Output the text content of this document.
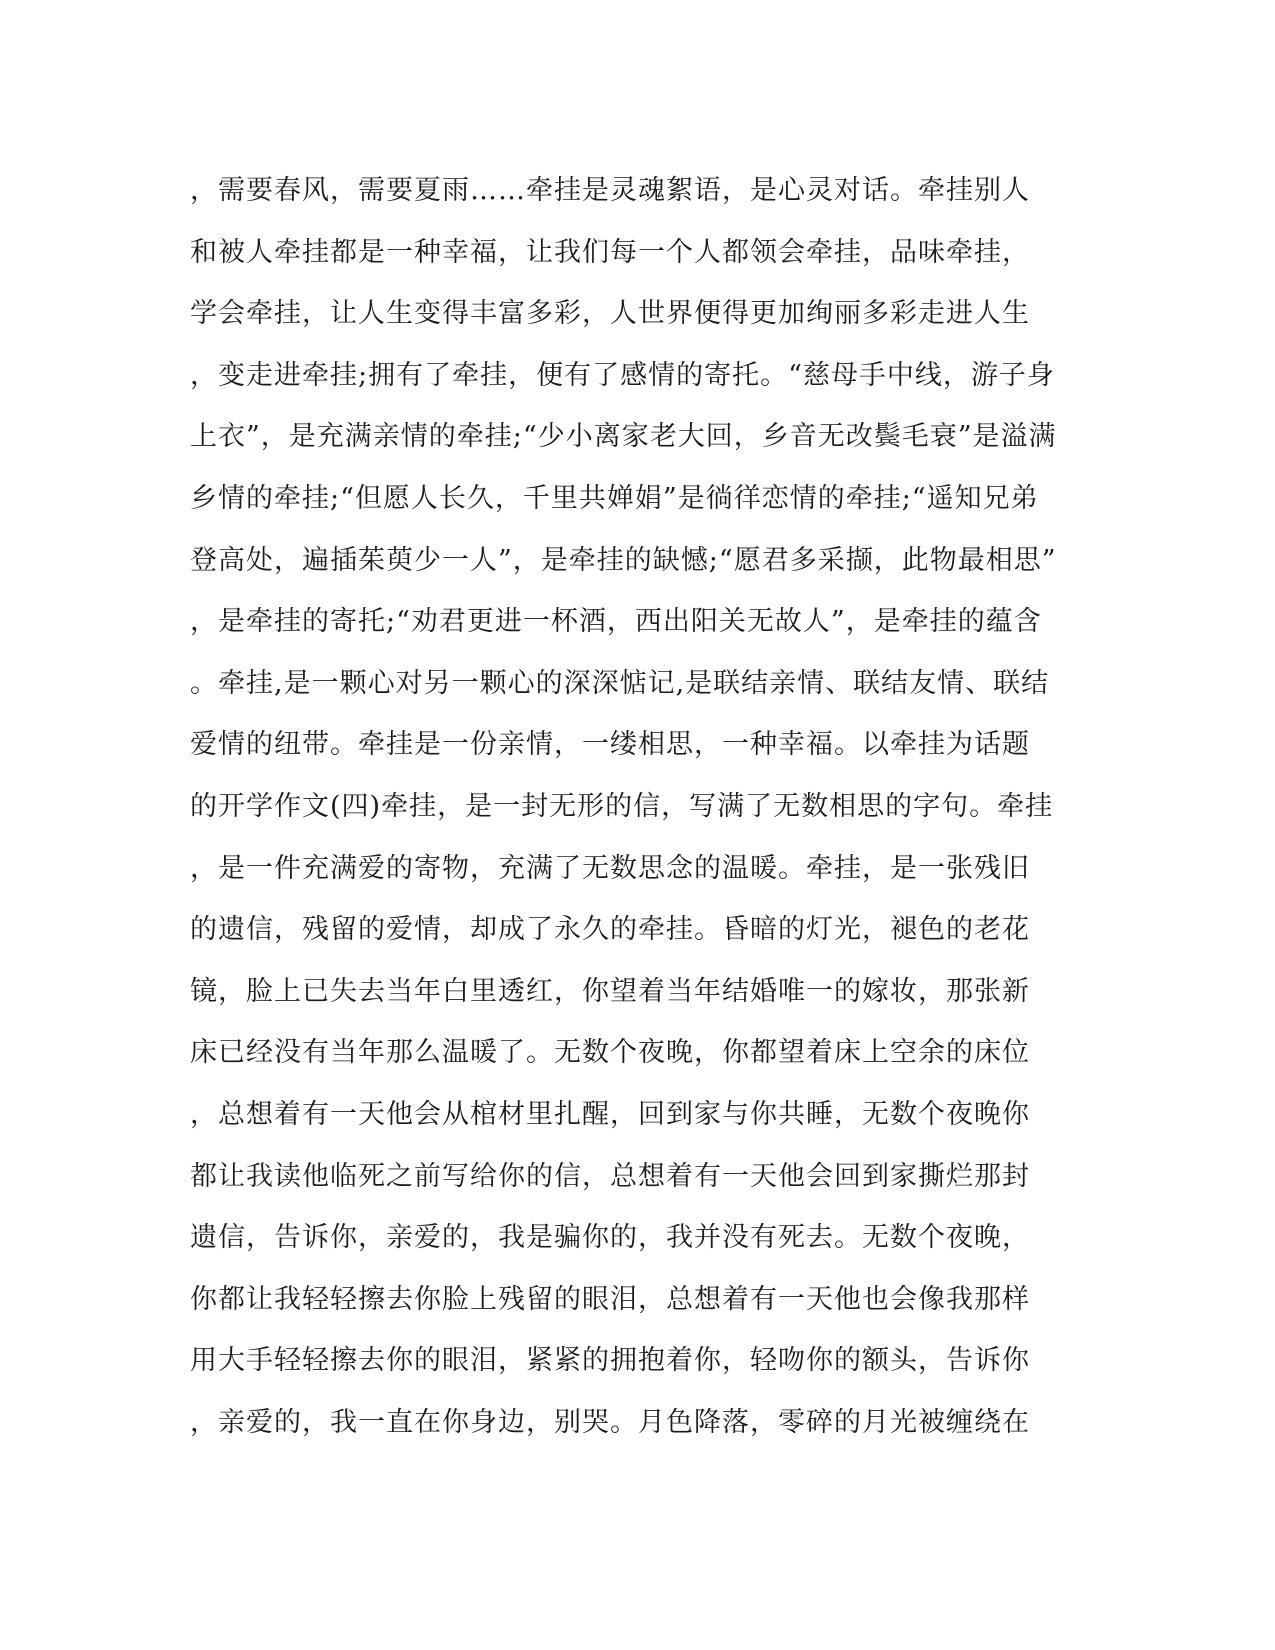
，需要春风，需要夏雨……牵挂是灵魂絮语，是心灵对话。牵挂别人
和被人牵挂都是一种幸福，让我们每一个人都领会牵挂，品味牵挂，
学会牵挂，让人生变得丰富多彩，人世界便得更加绚丽多彩走进人生
，变走进牵挂;拥有了牵挂，便有了感情的寄托。“慈母手中线，游子身
上衣”，是充满亲情的牵挂;“少小离家老大回，乡音无改鬓毛衰”是溢满
乡情的牵挂;“但愿人长久，千里共婵娟”是徜徉恋情的牵挂;“遥知兄弟
登高处，遍插茱萸少一人”，是牵挂的缺憾;“愿君多采撷，此物最相思”
，是牵挂的寄托;“劝君更进一杯酒，西出阳关无故人”，是牵挂的蕴含
。牵挂,是一颗心对另一颗心的深深惦记,是联结亲情、联结友情、联结
爱情的纽带。牵挂是一份亲情，一缕相思，一种幸福。以牵挂为话题
的开学作文(四)牵挂，是一封无形的信，写满了无数相思的字句。牵挂
，是一件充满爱的寄物，充满了无数思念的温暖。牵挂，是一张残旧
的遗信，残留的爱情，却成了永久的牵挂。昏暗的灯光，褪色的老花
镜，脸上已失去当年白里透红，你望着当年结婚唯一的嫁妆，那张新
床已经没有当年那么温暖了。无数个夜晚，你都望着床上空余的床位
，总想着有一天他会从棺材里扎醒，回到家与你共睡，无数个夜晚你
都让我读他临死之前写给你的信，总想着有一天他会回到家撕烂那封
遗信，告诉你，亲爱的，我是骗你的，我并没有死去。无数个夜晚，
你都让我轻轻擦去你脸上残留的眼泪，总想着有一天他也会像我那样
用大手轻轻擦去你的眼泪，紧紧的拥抱着你，轻吻你的额头，告诉你
，亲爱的，我一直在你身边，别哭。月色降落，零碎的月光被缠绕在
